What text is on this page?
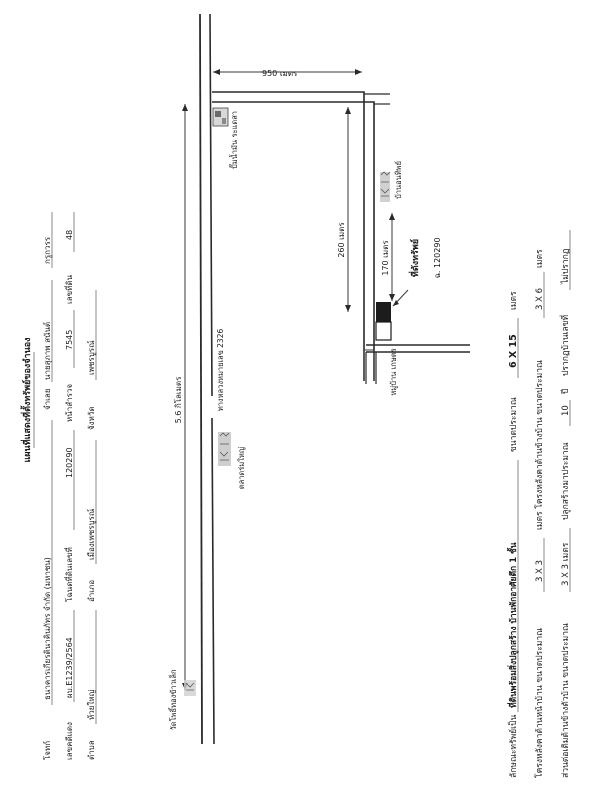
950 เมตร
260 เมตร
170 เมตร
5.6 กิโลเมตร	ทางหลวงหมายเลข 2326
ปั๊มน้ำมัน ระแดสา
บ้านอนทิพย์
ที่ดังทรัพย์ ฉ. 120290
หมู่บ้าน เกษตร
ตลาดร่มใหญ่
วัดโพธิ์ทองข้าวเล็ก
แผนที่แสดงที่ตั้งทรัพย์ของจำนอง
โจทก์
ธนาคารเกียรตินาคินภัทร จำกัด (มหาชน)
จำเลย
นายสุภาพ สนันต์
กรูกวรร
เลขคดีแดง
ผบ.E1239/2564
โฉนดที่ดินเลขที่
120290
หน้าสำรวจ
7545
เลขที่ดิน
48
ตำบล
ห้วยใหญ่
อำเภอ
เมืองเพชรบูรณ์
จังหวัด
เพชรบูรณ์
ลักษณะทรัพย์เป็น
ที่ดินพร้อมสิ่งปลูกสร้าง บ้านพักอาศัยตึก 1 ชั้น
ขนาดประมาณ
6 X 15
เมตร
โครงหลังคาด้านหน้าบ้าน ขนาดประมาณ
3 X 3
เมตร โครงหลังคาด้านข้างบ้าน ขนาดประมาณ
3 X 6
เมตร
ส่วนต่อเติมด้านข้างตัวบ้าน ขนาดประมาณ
3 X 3 เมตร
ปลูกสร้างมาประมาณ
10
ปี
ปรากฏบ้านเลขที่
ไม่ปรากฏ
